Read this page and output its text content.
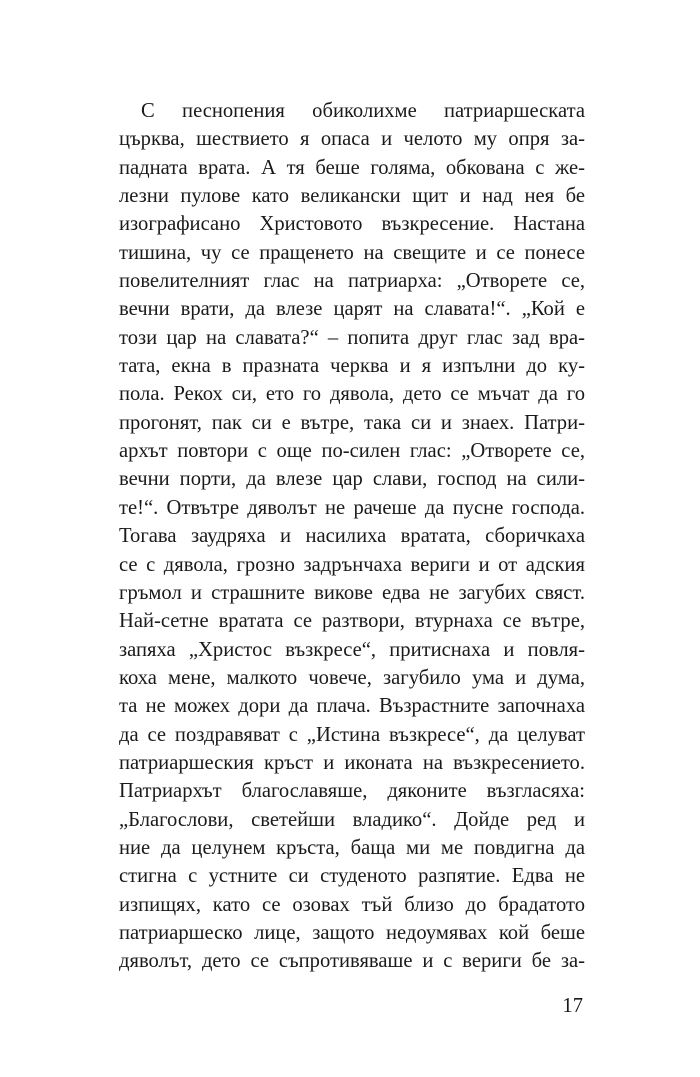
С песнопения обиколихме патриаршеската
църква, шествието я опаса и челото му опря за-
падната врата. А тя беше голяма, обкована с же-
лезни пулове като великански щит и над нея бе
изографисано Христовото възкресение. Настана
тишина, чу се пращенето на свещите и се понесе
повелителният глас на патриарха: „Отворете се,
вечни врати, да влезе царят на славата!“. „Кой е
този цар на славата?“ – попита друг глас зад вра-
тата, екна в празната черква и я изпълни до ку-
пола. Рекох си, ето го дявола, дето се мъчат да го
прогонят, пак си е вътре, така си и знаех. Патри-
архът повтори с още по-силен глас: „Отворете се,
вечни порти, да влезе цар слави, господ на сили-
те!“. Отвътре дяволът не рачеше да пусне господа.
Тогава заудряха и насилиха вратата, сборичкаха
се с дявола, грозно задрънчаха вериги и от адския
гръмол и страшните викове едва не загубих свяст.
Най-сетне вратата се разтвори, втурнаха се вътре,
запяха „Христос възкресе“, притиснаха и повля-
коха мене, малкото човече, загубило ума и дума,
та не можех дори да плача. Възрастните започнаха
да се поздравяват с „Истина възкресе“, да целуват
патриаршеския кръст и иконата на възкресението.
Патриархът благославяше, дяконите възгласяха:
„Благослови, светейши владико“. Дойде ред и
ние да целунем кръста, баща ми ме повдигна да
стигна с устните си студеното разпятие. Едва не
изпищях, като се озовах тъй близо до брадатото
патриаршеско лице, защото недоумявах кой беше
дяволът, дето се съпротивяваше и с вериги бе за-
17
